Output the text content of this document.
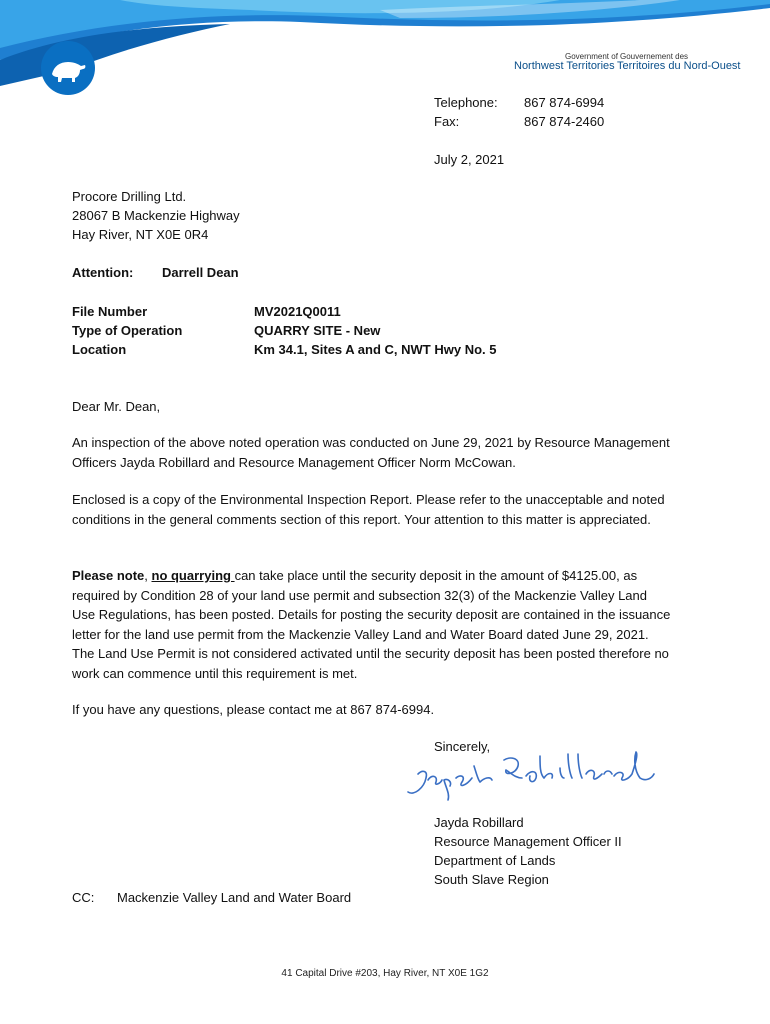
Government of Gouvernement des
Northwest Territories Territoires du Nord-Ouest
Telephone: 867 874-6994
Fax:	867 874-2460
July 2, 2021
Procore Drilling Ltd.
28067 B Mackenzie Highway
Hay River, NT X0E 0R4
Attention: Darrell Dean
File Number	MV2021Q0011
Type of Operation	QUARRY SITE - New
Location	Km 34.1, Sites A and C, NWT Hwy No. 5
Dear Mr. Dean,
An inspection of the above noted operation was conducted on June 29, 2021 by Resource Management Officers Jayda Robillard and Resource Management Officer Norm McCowan.
Enclosed is a copy of the Environmental Inspection Report. Please refer to the unacceptable and noted conditions in the general comments section of this report. Your attention to this matter is appreciated.
Please note, no quarrying can take place until the security deposit in the amount of $4125.00, as required by Condition 28 of your land use permit and subsection 32(3) of the Mackenzie Valley Land Use Regulations, has been posted. Details for posting the security deposit are contained in the issuance letter for the land use permit from the Mackenzie Valley Land and Water Board dated June 29, 2021. The Land Use Permit is not considered activated until the security deposit has been posted therefore no work can commence until this requirement is met.
If you have any questions, please contact me at 867 874-6994.
Sincerely,
Jayda Robillard
Resource Management Officer II
Department of Lands
South Slave Region
CC: Mackenzie Valley Land and Water Board
41 Capital Drive #203, Hay River, NT X0E 1G2
